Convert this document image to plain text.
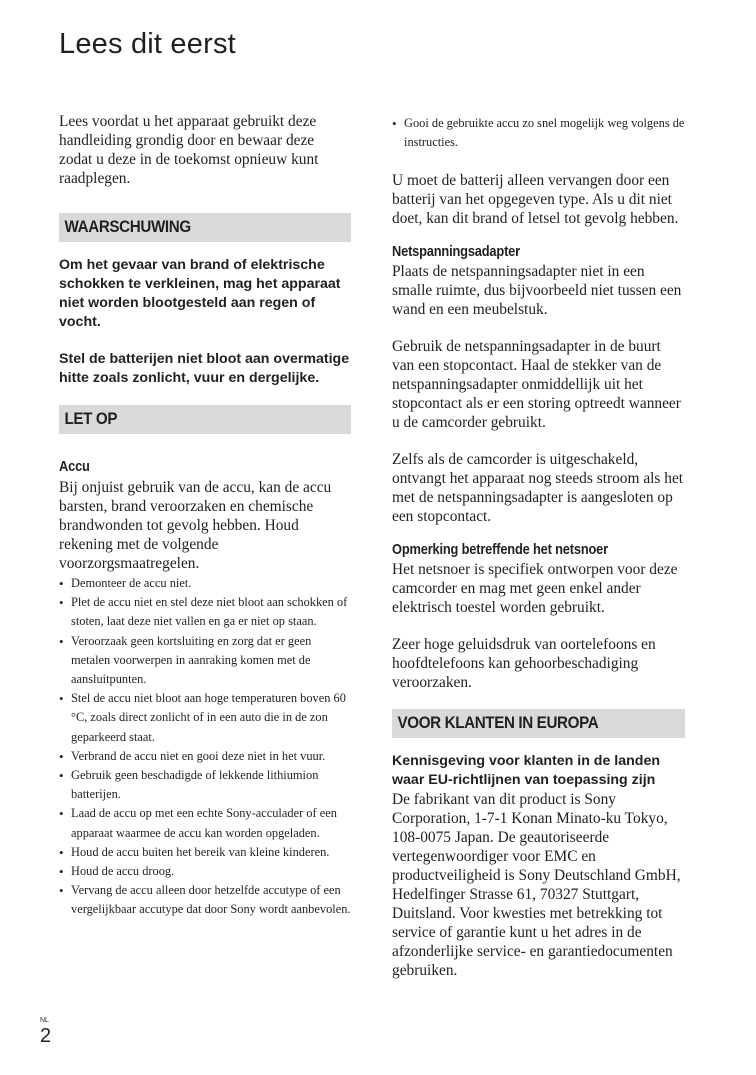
Lees dit eerst

Lees voordat u het apparaat gebruikt deze handleiding grondig door en bewaar deze zodat u deze in de toekomst opnieuw kunt raadplegen.

WAARSCHUWING

Om het gevaar van brand of elektrische schokken te verkleinen, mag het apparaat niet worden blootgesteld aan regen of vocht.

Stel de batterijen niet bloot aan overmatige hitte zoals zonlicht, vuur en dergelijke.

LET OP
Accu

Bij onjuist gebruik van de accu, kan de accu barsten, brand veroorzaken en chemische brandwonden tot gevolg hebben. Houd rekening met de volgende voorzorgsmaatregelen.

• Demonteer de accu niet.
• Plet de accu niet en stel deze niet bloot aan schokken of stoten, laat deze niet vallen en ga er niet op staan.
• Veroorzaak geen kortsluiting en zorg dat er geen metalen voorwerpen in aanraking komen met de aansluitpunten.
• Stel de accu niet bloot aan hoge temperaturen boven 60 °C, zoals direct zonlicht of in een auto die in de zon geparkeerd staat.
• Verbrand de accu niet en gooi deze niet in het vuur.
• Gebruik geen beschadigde of lekkende lithiumion batterijen.
• Laad de accu op met een echte Sony-acculader of een apparaat waarmee de accu kan worden opgeladen.
• Houd de accu buiten het bereik van kleine kinderen.
• Houd de accu droog.
• Vervang de accu alleen door hetzelfde accutype of een vergelijkbaar accutype dat door Sony wordt aanbevolen.
• Gooi de gebruikte accu zo snel mogelijk weg volgens de instructies.

U moet de batterij alleen vervangen door een batterij van het opgegeven type. Als u dit niet doet, kan dit brand of letsel tot gevolg hebben.

Netspanningsadapter

Plaats de netspanningsadapter niet in een smalle ruimte, dus bijvoorbeeld niet tussen een wand en een meubelstuk.

Gebruik de netspanningsadapter in de buurt van een stopcontact. Haal de stekker van de netspanningsadapter onmiddellijk uit het stopcontact als er een storing optreedt wanneer u de camcorder gebruikt.

Zelfs als de camcorder is uitgeschakeld, ontvangt het apparaat nog steeds stroom als het met de netspanningsadapter is aangesloten op een stopcontact.

Opmerking betreffende het netsnoer

Het netsnoer is specifiek ontworpen voor deze camcorder en mag met geen enkel ander elektrisch toestel worden gebruikt.

Zeer hoge geluidsdruk van oortelefoons en hoofdtelefoons kan gehoorbeschadiging veroorzaken.

VOOR KLANTEN IN EUROPA

Kennisgeving voor klanten in de landen waar EU-richtlijnen van toepassing zijn

De fabrikant van dit product is Sony Corporation, 1-7-1 Konan Minato-ku Tokyo, 108-0075 Japan. De geautoriseerde vertegenwoordiger voor EMC en productveiligheid is Sony Deutschland GmbH, Hedelfinger Strasse 61, 70327 Stuttgart, Duitsland. Voor kwesties met betrekking tot service of garantie kunt u het adres in de afzonderlijke service- en garantiedocumenten gebruiken.

NL
2
